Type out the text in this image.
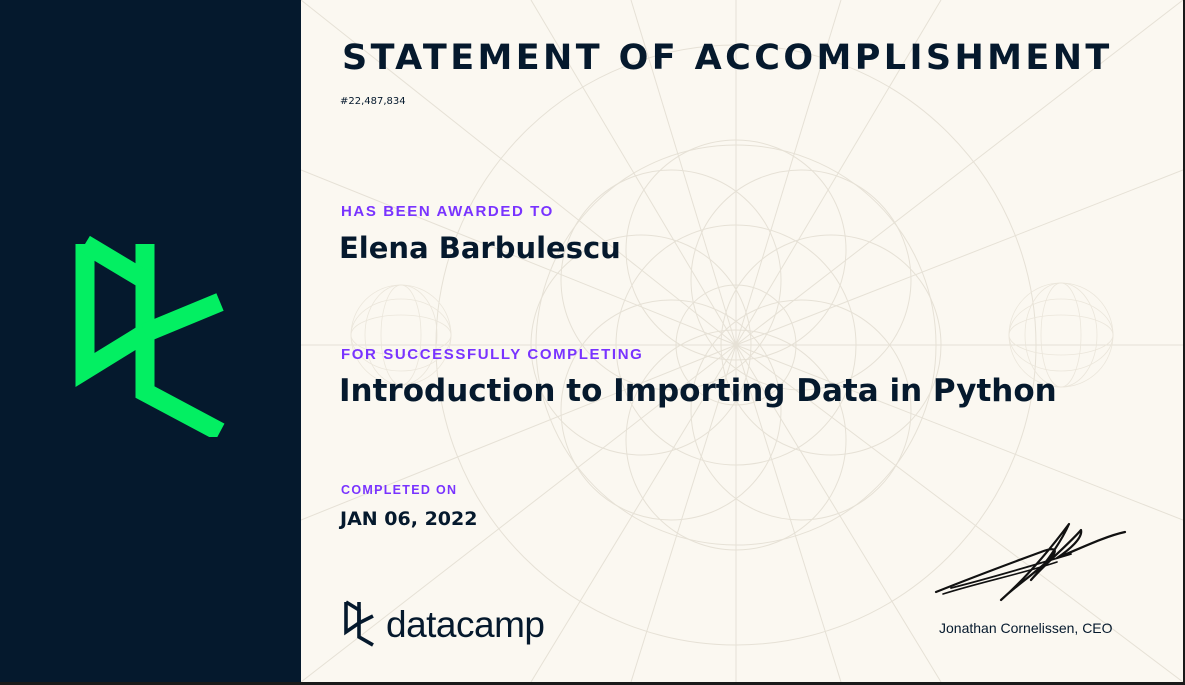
STATEMENT OF ACCOMPLISHMENT
#22,487,834
HAS BEEN AWARDED TO
Elena Barbulescu
FOR SUCCESSFULLY COMPLETING
Introduction to Importing Data in Python
COMPLETED ON
JAN 06, 2022
datacamp	Jonathan Cornelissen, CEO
